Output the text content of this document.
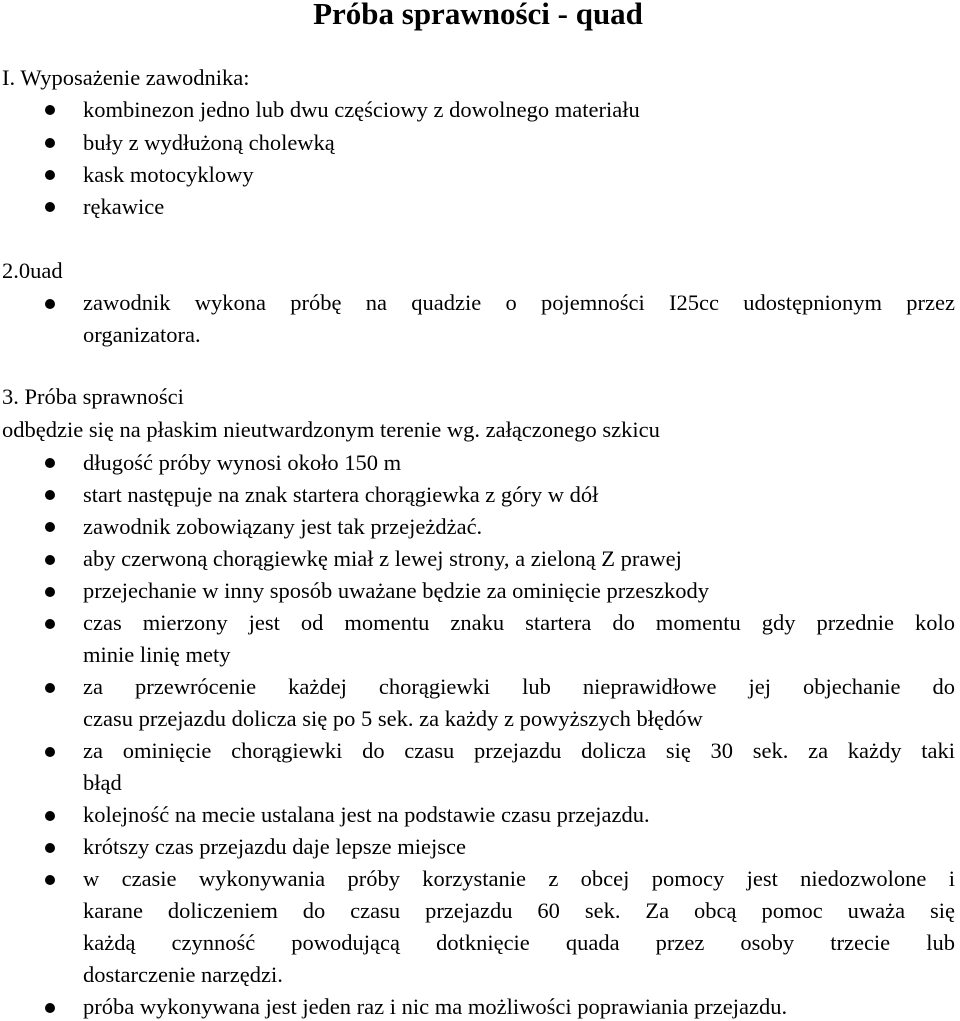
Próba sprawności - quad
I. Wyposażenie zawodnika:
kombinezon jedno lub dwu częściowy z dowolnego materiału
buły z wydłużoną cholewką
kask motocyklowy
rękawice
2.0uad
zawodnik wykona próbę na quadzie o pojemności I25cc udostępnionym przez
organizatora.
3. Próba sprawności
odbędzie się na płaskim nieutwardzonym terenie wg. załączonego szkicu
długość próby wynosi około 150 m
start następuje na znak startera chorągiewka z góry w dół
zawodnik zobowiązany jest tak przejeżdżać.
aby czerwoną chorągiewkę miał z lewej strony, a zieloną Z prawej
przejechanie w inny sposób uważane będzie za ominięcie przeszkody
czas mierzony jest od momentu znaku startera do momentu gdy przednie kolo
minie linię mety
za przewrócenie każdej chorągiewki lub nieprawidłowe jej objechanie do
czasu przejazdu dolicza się po 5 sek. za każdy z powyższych błędów
za ominięcie chorągiewki do czasu przejazdu dolicza się 30 sek. za każdy taki
błąd
kolejność na mecie ustalana jest na podstawie czasu przejazdu.
krótszy czas przejazdu daje lepsze miejsce
w czasie wykonywania próby korzystanie z obcej pomocy jest niedozwolone i
karane doliczeniem do czasu przejazdu 60 sek. Za obcą pomoc uważa się
każdą czynność powodującą dotknięcie quada przez osoby trzecie lub
dostarczenie narzędzi.
próba wykonywana jest jeden raz i nic ma możliwości poprawiania przejazdu.
